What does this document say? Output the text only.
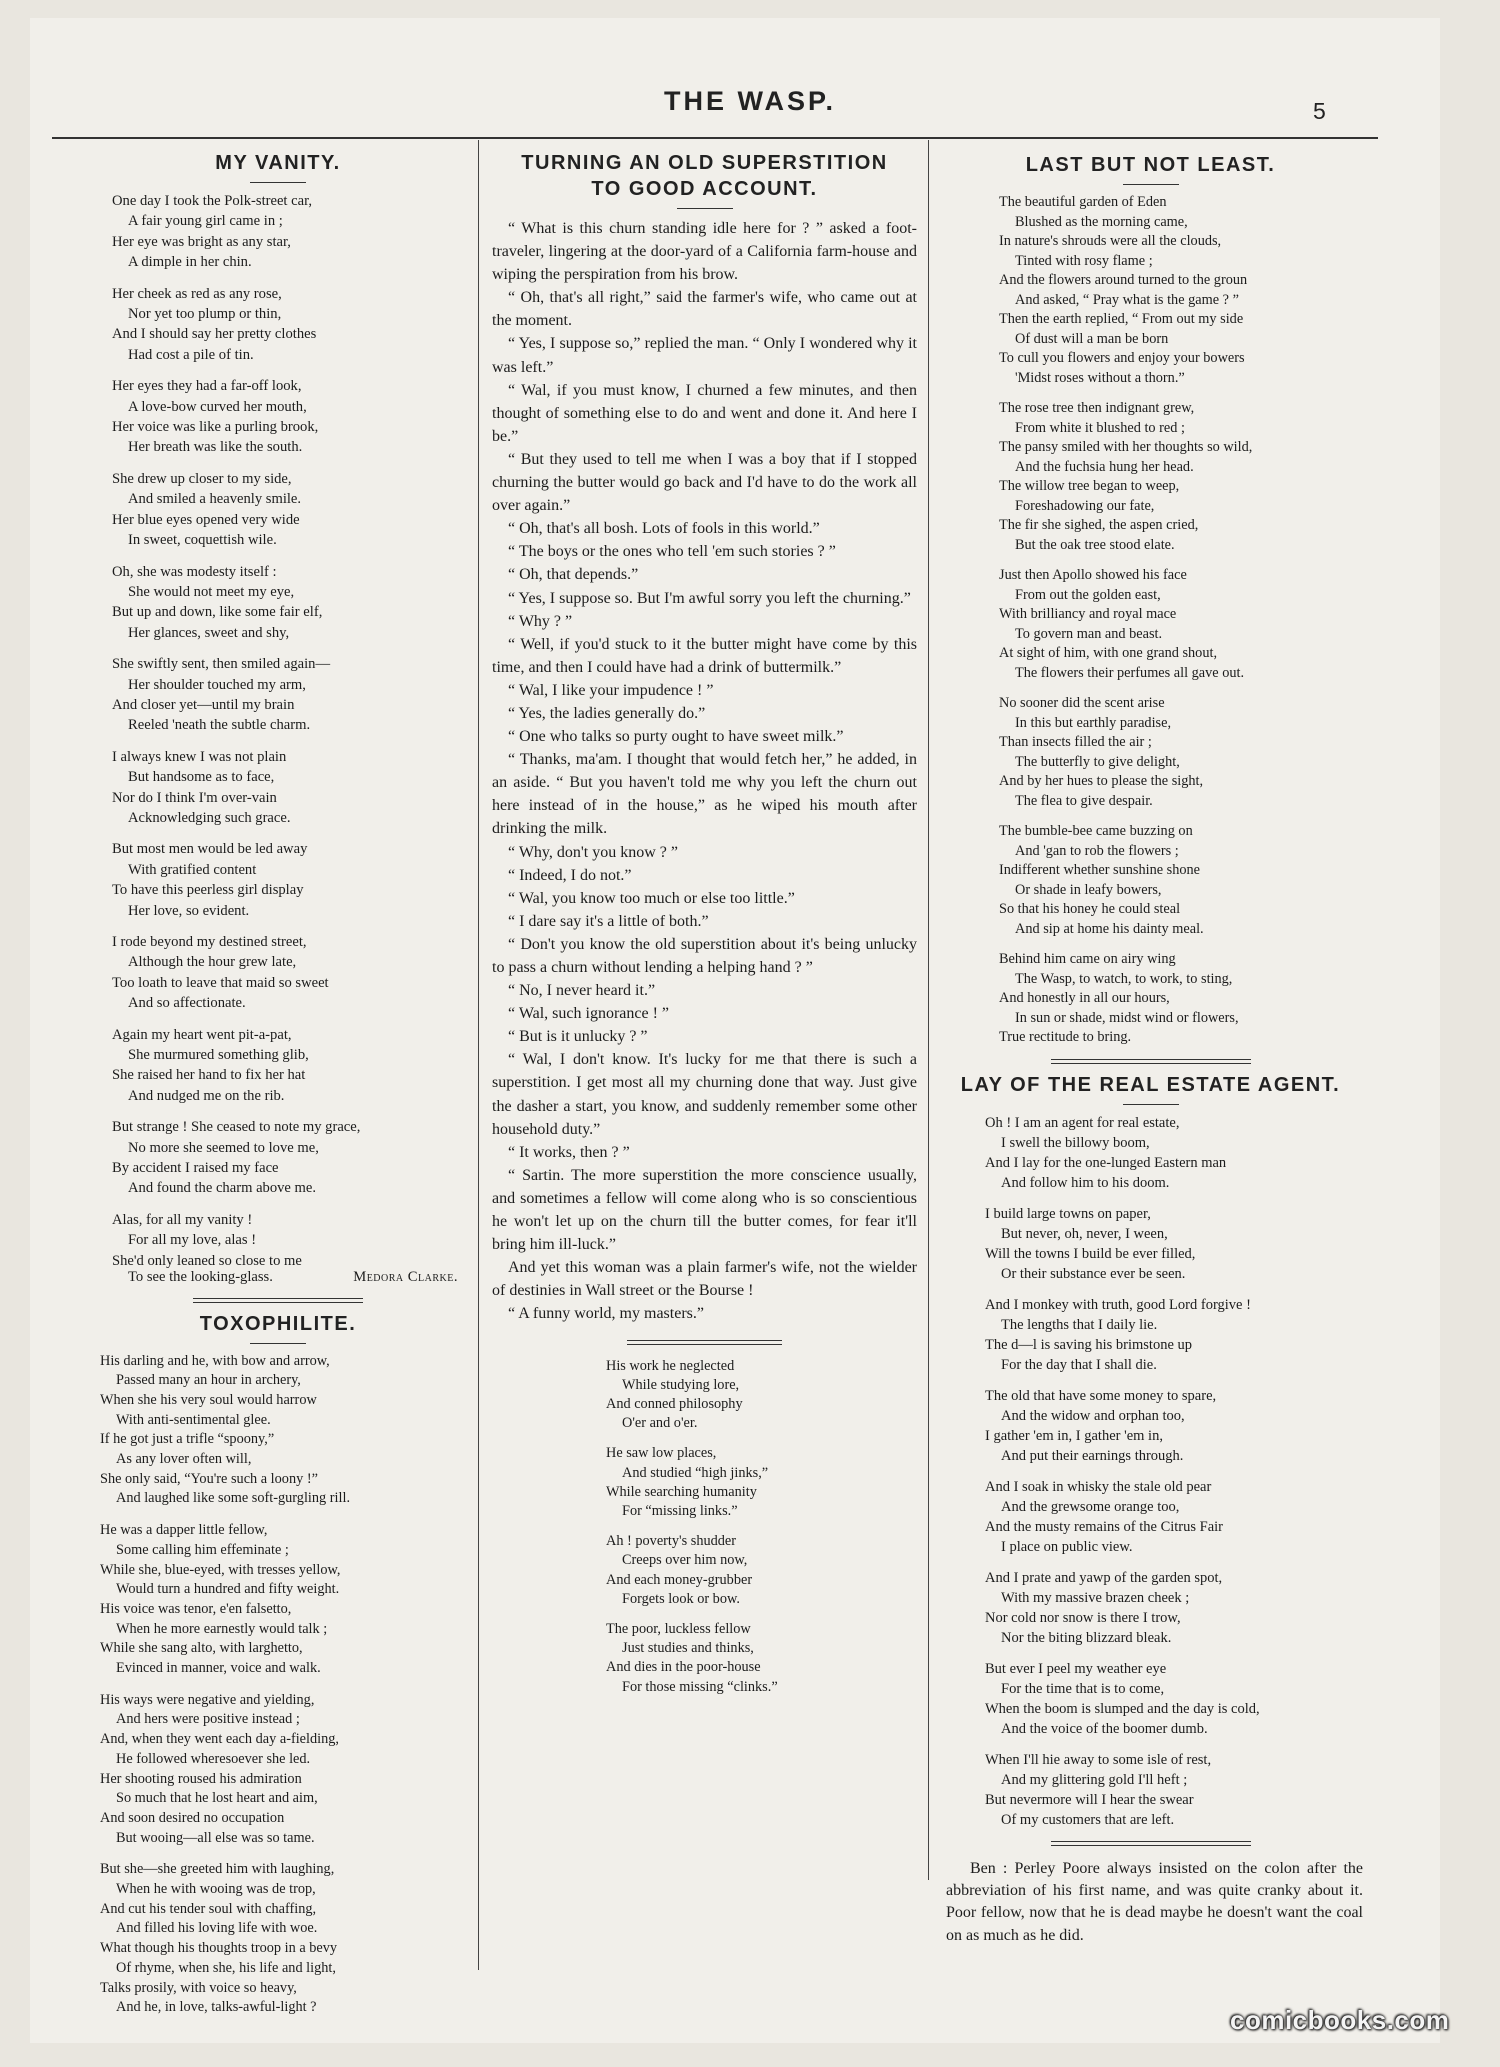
THE WASP.	5
MY VANITY.
One day I took the Polk-street car,
A fair young girl came in ;
Her eye was bright as any star,
A dimple in her chin.
Her cheek as red as any rose,
Nor yet too plump or thin,
And I should say her pretty clothes
Had cost a pile of tin.
Her eyes they had a far-off look,
A love-bow curved her mouth,
Her voice was like a purling brook,
Her breath was like the south.
She drew up closer to my side,
And smiled a heavenly smile.
Her blue eyes opened very wide
In sweet, coquettish wile.
Oh, she was modesty itself :
She would not meet my eye,
But up and down, like some fair elf,
Her glances, sweet and shy,
She swiftly sent, then smiled again—
Her shoulder touched my arm,
And closer yet—until my brain
Reeled 'neath the subtle charm.
I always knew I was not plain
But handsome as to face,
Nor do I think I'm over-vain
Acknowledging such grace.
But most men would be led away
With gratified content
To have this peerless girl display
Her love, so evident.
I rode beyond my destined street,
Although the hour grew late,
Too loath to leave that maid so sweet
And so affectionate.
Again my heart went pit-a-pat,
She murmured something glib,
She raised her hand to fix her hat
And nudged me on the rib.
But strange ! She ceased to note my grace,
No more she seemed to love me,
By accident I raised my face
And found the charm above me.
Alas, for all my vanity !
For all my love, alas !
She'd only leaned so close to me
To see the looking-glass.	Medora Clarke.
TOXOPHILITE.
His darling and he, with bow and arrow,
Passed many an hour in archery,
When she his very soul would harrow
With anti-sentimental glee.
If he got just a trifle “spoony,”
As any lover often will,
She only said, “You're such a loony !”
And laughed like some soft-gurgling rill.
He was a dapper little fellow,
Some calling him effeminate ;
While she, blue-eyed, with tresses yellow,
Would turn a hundred and fifty weight.
His voice was tenor, e'en falsetto,
When he more earnestly would talk ;
While she sang alto, with larghetto,
Evinced in manner, voice and walk.
His ways were negative and yielding,
And hers were positive instead ;
And, when they went each day a-fielding,
He followed wheresoever she led.
Her shooting roused his admiration
So much that he lost heart and aim,
And soon desired no occupation
But wooing—all else was so tame.
But she—she greeted him with laughing,
When he with wooing was de trop,
And cut his tender soul with chaffing,
And filled his loving life with woe.
What though his thoughts troop in a bevy
Of rhyme, when she, his life and light,
Talks prosily, with voice so heavy,
And he, in love, talks-awful-light ?
TURNING AN OLD SUPERSTITION
TO GOOD ACCOUNT.

“ What is this churn standing idle here for ? ” asked a foot-traveler, lingering at the door-yard of a California farm-house and wiping the perspiration from his brow.

“ Oh, that's all right,” said the farmer's wife, who came out at the moment.

“ Yes, I suppose so,” replied the man. “ Only I wondered why it was left.”

“ Wal, if you must know, I churned a few minutes, and then thought of something else to do and went and done it. And here I be.”

“ But they used to tell me when I was a boy that if I stopped churning the butter would go back and I'd have to do the work all over again.”

“ Oh, that's all bosh. Lots of fools in this world.”

“ The boys or the ones who tell 'em such stories ? ”

“ Oh, that depends.”

“ Yes, I suppose so. But I'm awful sorry you left the churning.”

“ Why ? ”

“ Well, if you'd stuck to it the butter might have come by this time, and then I could have had a drink of buttermilk.”

“ Wal, I like your impudence ! ”

“ Yes, the ladies generally do.”

“ One who talks so purty ought to have sweet milk.”

“ Thanks, ma'am. I thought that would fetch her,” he added, in an aside. “ But you haven't told me why you left the churn out here instead of in the house,” as he wiped his mouth after drinking the milk.

“ Why, don't you know ? ”

“ Indeed, I do not.”

“ Wal, you know too much or else too little.”

“ I dare say it's a little of both.”

“ Don't you know the old superstition about it's being unlucky to pass a churn without lending a helping hand ? ”

“ No, I never heard it.”

“ Wal, such ignorance ! ”

“ But is it unlucky ? ”

“ Wal, I don't know. It's lucky for me that there is such a superstition. I get most all my churning done that way. Just give the dasher a start, you know, and suddenly remember some other household duty.”

“ It works, then ? ”

“ Sartin. The more superstition the more conscience usually, and sometimes a fellow will come along who is so conscientious he won't let up on the churn till the butter comes, for fear it'll bring him ill-luck.”

And yet this woman was a plain farmer's wife, not the wielder of destinies in Wall street or the Bourse !

“ A funny world, my masters.”

His work he neglected
While studying lore,
And conned philosophy
O'er and o'er.
He saw low places,
And studied “high jinks,”
While searching humanity
For “missing links.”
Ah ! poverty's shudder
Creeps over him now,
And each money-grubber
Forgets look or bow.
The poor, luckless fellow
Just studies and thinks,
And dies in the poor-house
For those missing “clinks.”
LAST BUT NOT LEAST.
The beautiful garden of Eden
Blushed as the morning came,
In nature's shrouds were all the clouds,
Tinted with rosy flame ;
And the flowers around turned to the groun
And asked, “ Pray what is the game ? ”
Then the earth replied, “ From out my side
Of dust will a man be born
To cull you flowers and enjoy your bowers
'Midst roses without a thorn.”
The rose tree then indignant grew,
From white it blushed to red ;
The pansy smiled with her thoughts so wild,
And the fuchsia hung her head.
The willow tree began to weep,
Foreshadowing our fate,
The fir she sighed, the aspen cried,
But the oak tree stood elate.
Just then Apollo showed his face
From out the golden east,
With brilliancy and royal mace
To govern man and beast.
At sight of him, with one grand shout,
The flowers their perfumes all gave out.
No sooner did the scent arise
In this but earthly paradise,
Than insects filled the air ;
The butterfly to give delight,
And by her hues to please the sight,
The flea to give despair.
The bumble-bee came buzzing on
And 'gan to rob the flowers ;
Indifferent whether sunshine shone
Or shade in leafy bowers,
So that his honey he could steal
And sip at home his dainty meal.
Behind him came on airy wing
The Wasp, to watch, to work, to sting,
And honestly in all our hours,
In sun or shade, midst wind or flowers,
True rectitude to bring.
LAY OF THE REAL ESTATE AGENT.
Oh ! I am an agent for real estate,
I swell the billowy boom,
And I lay for the one-lunged Eastern man
And follow him to his doom.
I build large towns on paper,
But never, oh, never, I ween,
Will the towns I build be ever filled,
Or their substance ever be seen.
And I monkey with truth, good Lord forgive !
The lengths that I daily lie.
The d—l is saving his brimstone up
For the day that I shall die.
The old that have some money to spare,
And the widow and orphan too,
I gather 'em in, I gather 'em in,
And put their earnings through.
And I soak in whisky the stale old pear
And the grewsome orange too,
And the musty remains of the Citrus Fair
I place on public view.
And I prate and yawp of the garden spot,
With my massive brazen cheek ;
Nor cold nor snow is there I trow,
Nor the biting blizzard bleak.
But ever I peel my weather eye
For the time that is to come,
When the boom is slumped and the day is cold,
And the voice of the boomer dumb.
When I'll hie away to some isle of rest,
And my glittering gold I'll heft ;
But nevermore will I hear the swear
Of my customers that are left.

Ben : Perley Poore always insisted on the colon after the abbreviation of his first name, and was quite cranky about it. Poor fellow, now that he is dead maybe he doesn't want the coal on as much as he did.

comicbooks.com
